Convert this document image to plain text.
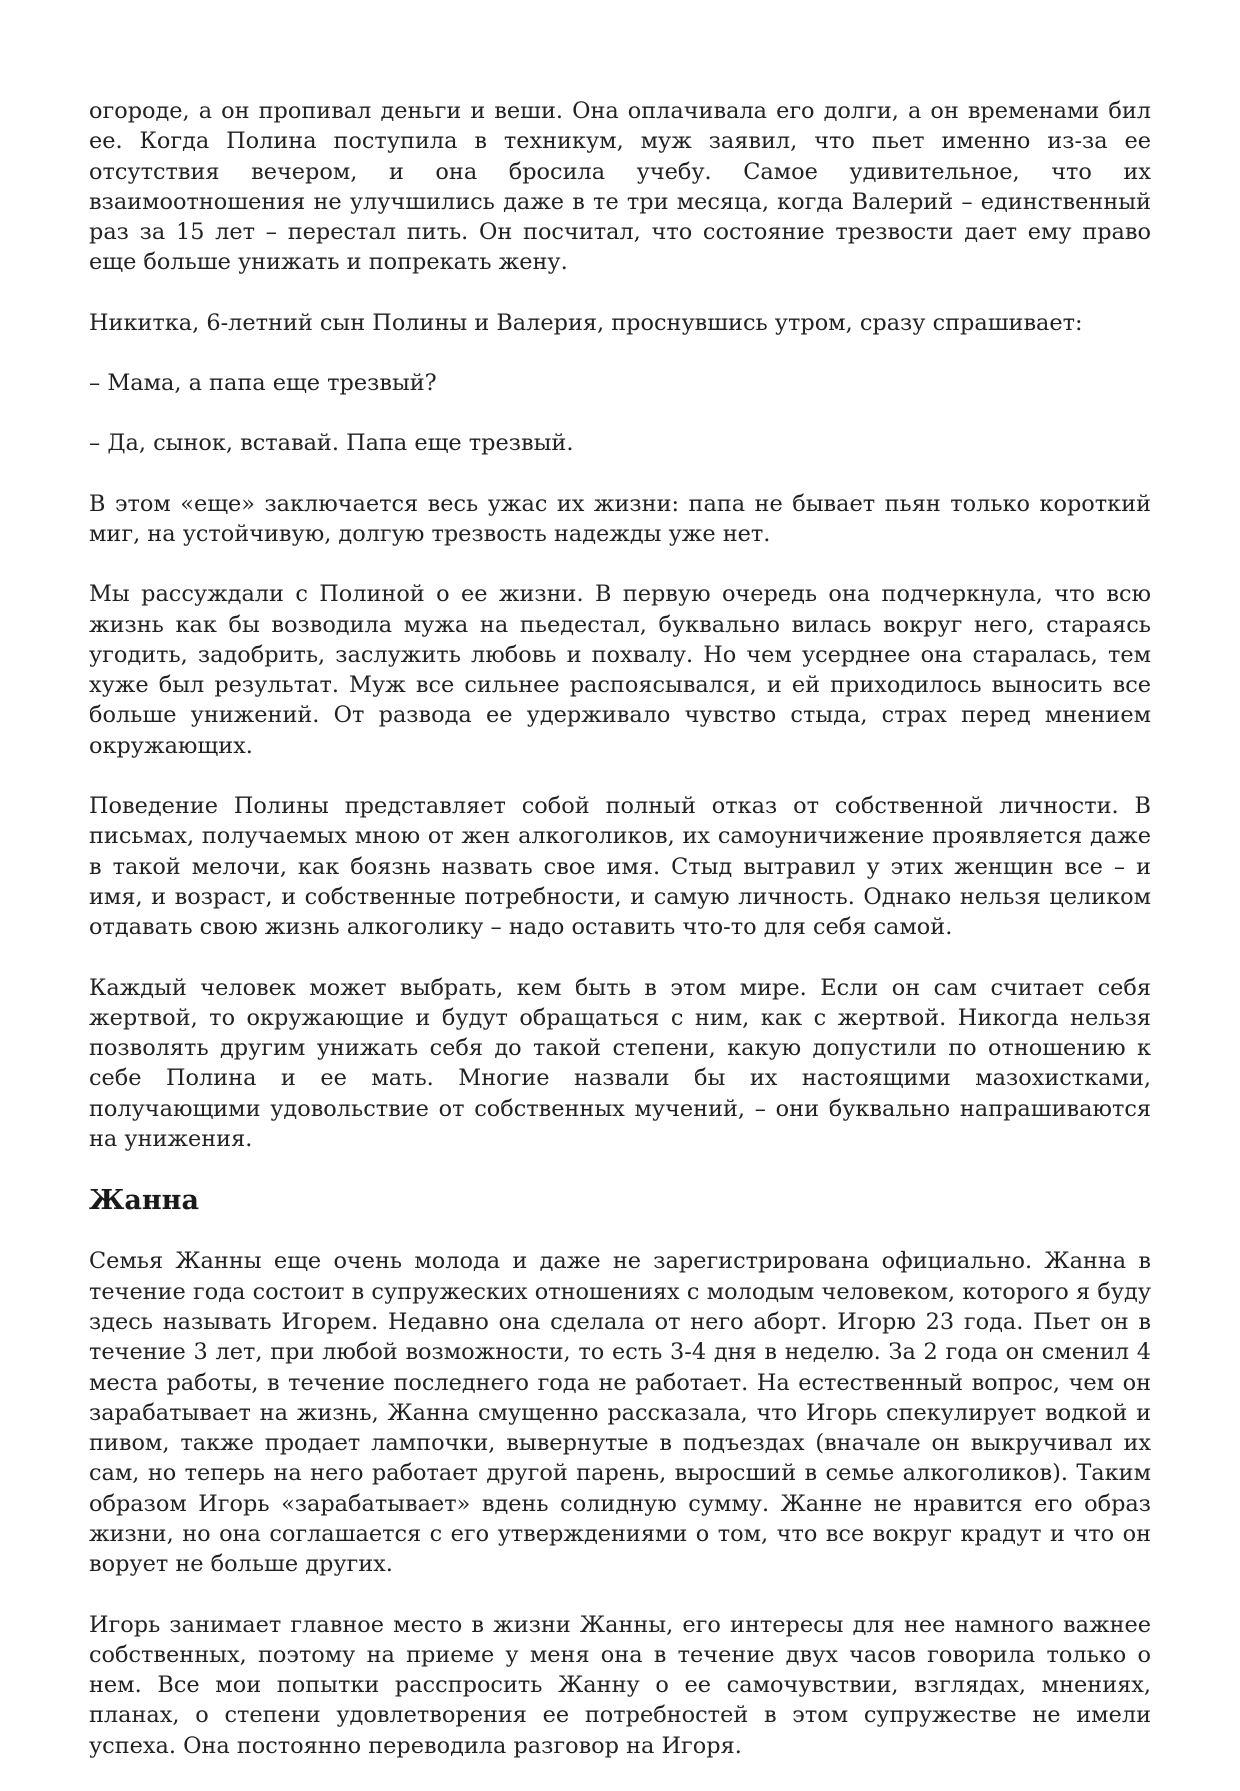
огороде, а он пропивал деньги и веши. Она оплачивала его долги, а он временами бил ее. Когда Полина поступила в техникум, муж заявил, что пьет именно из-за ее отсутствия вечером, и она бросила учебу. Самое удивительное, что их взаимоотношения не улучшились даже в те три месяца, когда Валерий – единственный раз за 15 лет – перестал пить. Он посчитал, что состояние трезвости дает ему право еще больше унижать и попрекать жену.

Никитка, 6-летний сын Полины и Валерия, проснувшись утром, сразу спрашивает:

– Мама, а папа еще трезвый?

– Да, сынок, вставай. Папа еще трезвый.

В этом «еще» заключается весь ужас их жизни: папа не бывает пьян только короткий миг, на устойчивую, долгую трезвость надежды уже нет.

Мы рассуждали с Полиной о ее жизни. В первую очередь она подчеркнула, что всю жизнь как бы возводила мужа на пьедестал, буквально вилась вокруг него, стараясь угодить, задобрить, заслужить любовь и похвалу. Но чем усерднее она старалась, тем хуже был результат. Муж все сильнее распоясывался, и ей приходилось выносить все больше унижений. От развода ее удерживало чувство стыда, страх перед мнением окружающих.

Поведение Полины представляет собой полный отказ от собственной личности. В письмах, получаемых мною от жен алкоголиков, их самоуничижение проявляется даже в такой мелочи, как боязнь назвать свое имя. Стыд вытравил у этих женщин все – и имя, и возраст, и собственные потребности, и самую личность. Однако нельзя целиком отдавать свою жизнь алкоголику – надо оставить что-то для себя самой.

Каждый человек может выбрать, кем быть в этом мире. Если он сам считает себя жертвой, то окружающие и будут обращаться с ним, как с жертвой. Никогда нельзя позволять другим унижать себя до такой степени, какую допустили по отношению к себе Полина и ее мать. Многие назвали бы их настоящими мазохистками, получающими удовольствие от собственных мучений, – они буквально напрашиваются на унижения.

Жанна

Семья Жанны еще очень молода и даже не зарегистрирована официально. Жанна в течение года состоит в супружеских отношениях с молодым человеком, которого я буду здесь называть Игорем. Недавно она сделала от него аборт. Игорю 23 года. Пьет он в течение 3 лет, при любой возможности, то есть 3-4 дня в неделю. За 2 года он сменил 4 места работы, в течение последнего года не работает. На естественный вопрос, чем он зарабатывает на жизнь, Жанна смущенно рассказала, что Игорь спекулирует водкой и пивом, также продает лампочки, вывернутые в подъездах (вначале он выкручивал их сам, но теперь на него работает другой парень, выросший в семье алкоголиков). Таким образом Игорь «зарабатывает» вдень солидную сумму. Жанне не нравится его образ жизни, но она соглашается с его утверждениями о том, что все вокруг крадут и что он ворует не больше других.

Игорь занимает главное место в жизни Жанны, его интересы для нее намного важнее собственных, поэтому на приеме у меня она в течение двух часов говорила только о нем. Все мои попытки расспросить Жанну о ее самочувствии, взглядах, мнениях, планах, о степени удовлетворения ее потребностей в этом супружестве не имели успеха. Она постоянно переводила разговор на Игоря.
